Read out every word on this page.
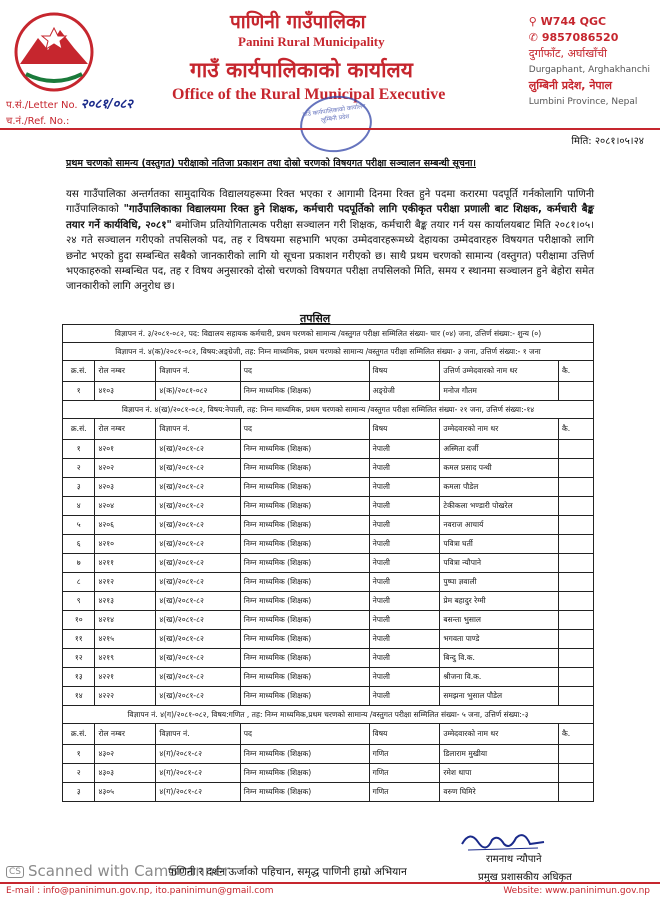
पाणिनी गाउँपालिका
Panini Rural Municipality
गाउँ कार्यपालिकाको कार्यालय
Office of the Rural Municipal Executive
प.सं./Letter No. २०८१/०८२
च.नं./Ref. No.:
⚲ W744 QGC
✆ 9857086520
दुर्गाफाँट, अर्घाखाँची
Durgaphant, Arghakhanchi
लुम्बिनी प्रदेश, नेपाल
Lumbini Province, Nepal
गाउँ कार्यपालिकाको कार्यालय लुम्बिनी प्रदेश
मिति: २०८१।०५।२४
प्रथम चरणको सामन्य (वस्तुगत) परीक्षाको नतिजा प्रकाशन तथा दोस्रो चरणको विषयगत परीक्षा सञ्चालन सम्बन्धी सूचना।
यस गाउँपालिका अन्तर्गतका सामुदायिक विद्यालयहरूमा रिक्त भएका र आगामी दिनमा रिक्त हुने पदमा करारमा पदपूर्ति गर्नकोलागि पाणिनी गाउँपालिकाको "गाउँपालिकाका विद्यालयमा रिक्त हुने शिक्षक, कर्मचारी पदपूर्तिको लागि एकीकृत परीक्षा प्रणाली बाट शिक्षक, कर्मचारी बैङ्क तयार गर्ने कार्यविधि, २०८१" बमोजिम प्रतियोगितात्मक परीक्षा सञ्चालन गरी शिक्षक, कर्मचारी बैङ्क तयार गर्न यस कार्यालयबाट मिति २०८१।०५।२४ गते सञ्चालन गरीएको तपसिलको पद, तह र विषयमा सहभागि भएका उम्मेदवारहरूमध्ये देहायका उम्मेदवारहरु विषयगत परीक्षाको लागि छनोट भएको हुदा सम्बन्धित सबैको जानकारीको लागि यो सूचना प्रकाशन गरीएको छ। साथै प्रथम चरणको सामान्य (वस्तुगत) परीक्षामा उत्तिर्ण भएकाहरुको सम्बन्धित पद, तह र विषय अनुसारको दोस्रो चरणको विषयगत परीक्षा तपसिलको मिति, समय र स्थानमा सञ्चालन हुने बेहोरा समेत जानकारीको लागि अनुरोध छ।
तपसिल
विज्ञापन नं. ३/२०८१-०८२, पद: विद्यालय सहायक कर्मचारी, प्रथम चरणको सामान्य /वस्तुगत परीक्षा सम्मिलित संख्या- चार (०४) जना, उत्तिर्ण संख्या:- शुन्य (०)						
विज्ञापन नं. ४(क)/२०८१-०८२, विषय:अङ्ग्रेजी, तह: निम्न माध्यमिक, प्रथम चरणको सामान्य /वस्तुगत परीक्षा सम्मिलित संख्या- ३ जना, उत्तिर्ण संख्या:- १ जना						
क्र.सं.	रोल नम्बर	विज्ञापन नं.	पद	विषय	उत्तिर्ण उम्मेदवारको नाम थर	कै.
१	४१०३	४(क)/२०८१-०८२	निम्न माध्यमिक (शिक्षक)	अङ्ग्रेजी	मनोज गौतम	
विज्ञापन नं. ४(ख)/२०८१-०८२, विषय:नेपाली, तह: निम्न माध्यमिक, प्रथम चरणको सामान्य /वस्तुगत परीक्षा सम्मिलित संख्या- २१ जना, उत्तिर्ण संख्या:-१४						
क्र.सं.	रोल नम्बर	विज्ञापन नं.	पद	विषय	उम्मेदवारको नाम थर	कै.
१	४२०१	४(ख)/२०८१-८२	निम्न माध्यमिक (शिक्षक)	नेपाली	अस्मिता दर्जी	
२	४२०२	४(ख)/२०८१-८२	निम्न माध्यमिक (शिक्षक)	नेपाली	कमल प्रसाद पन्थी	
३	४२०३	४(ख)/२०८१-८२	निम्न माध्यमिक (शिक्षक)	नेपाली	कमला पौडेल	
४	४२०४	४(ख)/२०८१-८२	निम्न माध्यमिक (शिक्षक)	नेपाली	टेकीकला भण्डारी पोखरेल	
५	४२०६	४(ख)/२०८१-८२	निम्न माध्यमिक (शिक्षक)	नेपाली	नवराज आचार्य	
६	४२१०	४(ख)/२०८१-८२	निम्न माध्यमिक (शिक्षक)	नेपाली	पवित्रा घर्ती	
७	४२११	४(ख)/२०८१-८२	निम्न माध्यमिक (शिक्षक)	नेपाली	पवित्रा न्यौपाने	
८	४२१२	४(ख)/२०८१-८२	निम्न माध्यमिक (शिक्षक)	नेपाली	पुष्पा ज्ञवाली	
९	४२१३	४(ख)/२०८१-८२	निम्न माध्यमिक (शिक्षक)	नेपाली	प्रेम बहादुर रेग्मी	
१०	४२१४	४(ख)/२०८१-८२	निम्न माध्यमिक (शिक्षक)	नेपाली	बसन्ता भुसाल	
११	४२१५	४(ख)/२०८१-८२	निम्न माध्यमिक (शिक्षक)	नेपाली	भगवता पाण्डे	
१२	४२१९	४(ख)/२०८१-८२	निम्न माध्यमिक (शिक्षक)	नेपाली	बिन्दु वि.क.	
१३	४२२१	४(ख)/२०८१-८२	निम्न माध्यमिक (शिक्षक)	नेपाली	श्रीजना वि.क.	
१४	४२२२	४(ख)/२०८१-८२	निम्न माध्यमिक (शिक्षक)	नेपाली	समझना भुसाल पौडेल	
विज्ञापन नं. ४(ग)/२०८१-०८२, विषय:गणित , तह: निम्न माध्यमिक,प्रथम चरणको सामान्य /वस्तुगत परीक्षा सम्मिलित संख्या- ५ जना, उत्तिर्ण संख्या:-३						
क्र.सं.	रोल नम्बर	विज्ञापन नं.	पद	विषय	उम्मेदवारको नाम थर	कै.
१	४३०२	४(ग)/२०८१-८२	निम्न माध्यमिक (शिक्षक)	गणित	डिलाराम मुखीया	
२	४३०३	४(ग)/२०८१-८२	निम्न माध्यमिक (शिक्षक)	गणित	रमेश थापा	
३	४३०५	४(ग)/२०८१-८२	निम्न माध्यमिक (शिक्षक)	गणित	वरुण घिमिरे	
रामनाथ न्यौपाने
प्रमुख प्रशासकीय अधिकृत
CS Scanned with CamScanner
पाणिनी र दर्शन ऊर्जाको पहिचान, समृद्ध पाणिनी हाम्रो अभियान
E-mail : info@paninimun.gov.np, ito.paninimun@gmail.com	Website: www.paninimun.gov.np
